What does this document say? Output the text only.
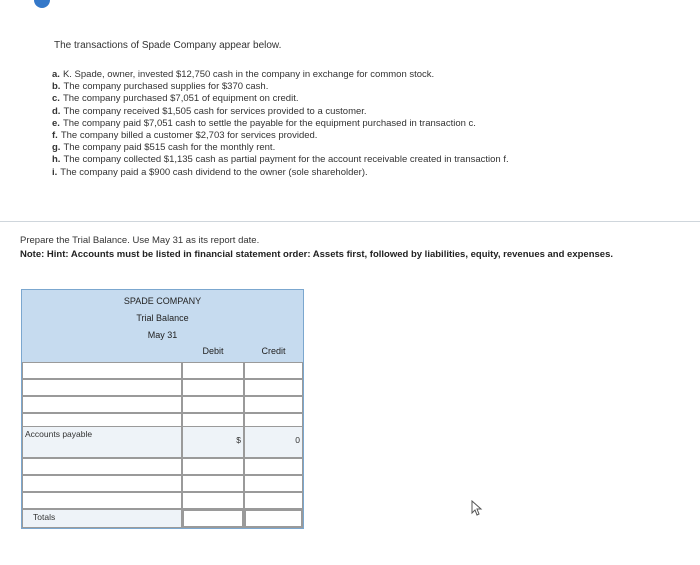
The transactions of Spade Company appear below.
a. K. Spade, owner, invested $12,750 cash in the company in exchange for common stock.
b. The company purchased supplies for $370 cash.
c. The company purchased $7,051 of equipment on credit.
d. The company received $1,505 cash for services provided to a customer.
e. The company paid $7,051 cash to settle the payable for the equipment purchased in transaction c.
f. The company billed a customer $2,703 for services provided.
g. The company paid $515 cash for the monthly rent.
h. The company collected $1,135 cash as partial payment for the account receivable created in transaction f.
i. The company paid a $900 cash dividend to the owner (sole shareholder).
Prepare the Trial Balance. Use May 31 as its report date.
Note: Hint: Accounts must be listed in financial statement order: Assets first, followed by liabilities, equity, revenues and expenses.
SPADE COMPANY
Trial Balance
May 31
Debit	Credit
Accounts payable
$	0
Totals
